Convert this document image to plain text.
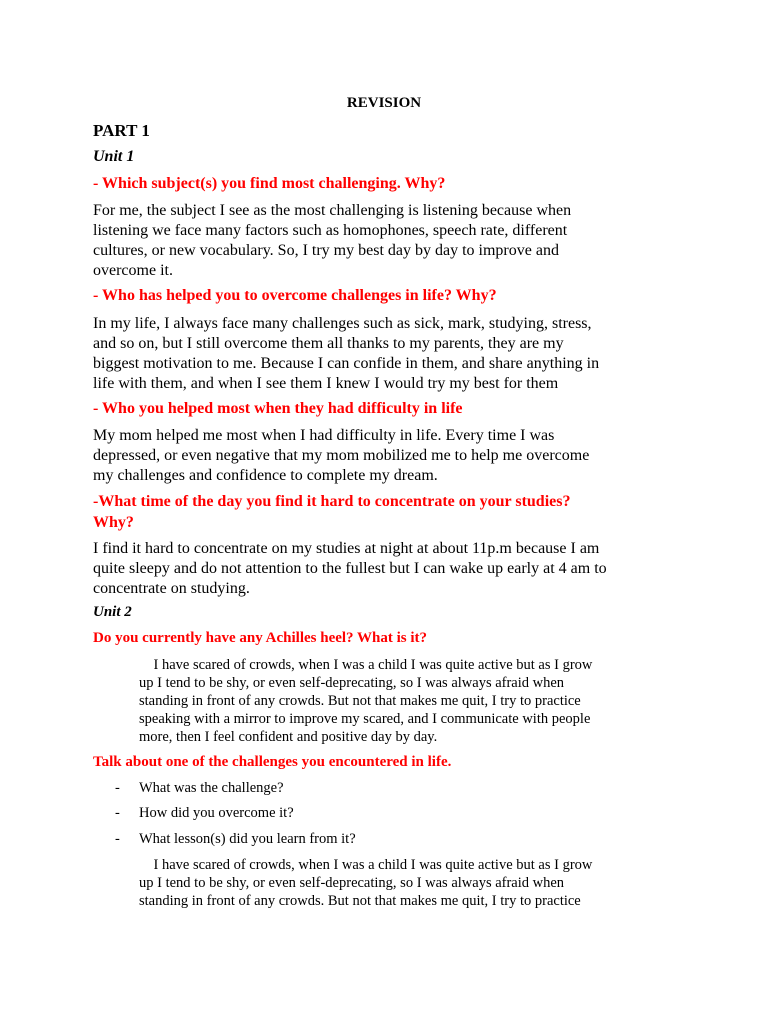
REVISION
PART 1
Unit 1
- Which subject(s) you find most challenging. Why?
For me, the subject I see as the most challenging is listening because when
listening we face many factors such as homophones, speech rate, different
cultures, or new vocabulary. So, I try my best day by day to improve and
overcome it.
- Who has helped you to overcome challenges in life? Why?
In my life, I always face many challenges such as sick, mark, studying, stress,
and so on, but I still overcome them all thanks to my parents, they are my
biggest motivation to me. Because I can confide in them, and share anything in
life with them, and when I see them I knew I would try my best for them
- Who you helped most when they had difficulty in life
My mom helped me most when I had difficulty in life. Every time I was
depressed, or even negative that my mom mobilized me to help me overcome
my challenges and confidence to complete my dream.
-What time of the day you find it hard to concentrate on your studies?
Why?
I find it hard to concentrate on my studies at night at about 11p.m because I am
quite sleepy and do not attention to the fullest but I can wake up early at 4 am to
concentrate on studying.
Unit 2
Do you currently have any Achilles heel? What is it?
I have scared of crowds, when I was a child I was quite active but as I grow
up I tend to be shy, or even self-deprecating, so I was always afraid when
standing in front of any crowds. But not that makes me quit, I try to practice
speaking with a mirror to improve my scared, and I communicate with people
more, then I feel confident and positive day by day.
Talk about one of the challenges you encountered in life.
- What was the challenge?
- How did you overcome it?
- What lesson(s) did you learn from it?
I have scared of crowds, when I was a child I was quite active but as I grow
up I tend to be shy, or even self-deprecating, so I was always afraid when
standing in front of any crowds. But not that makes me quit, I try to practice
